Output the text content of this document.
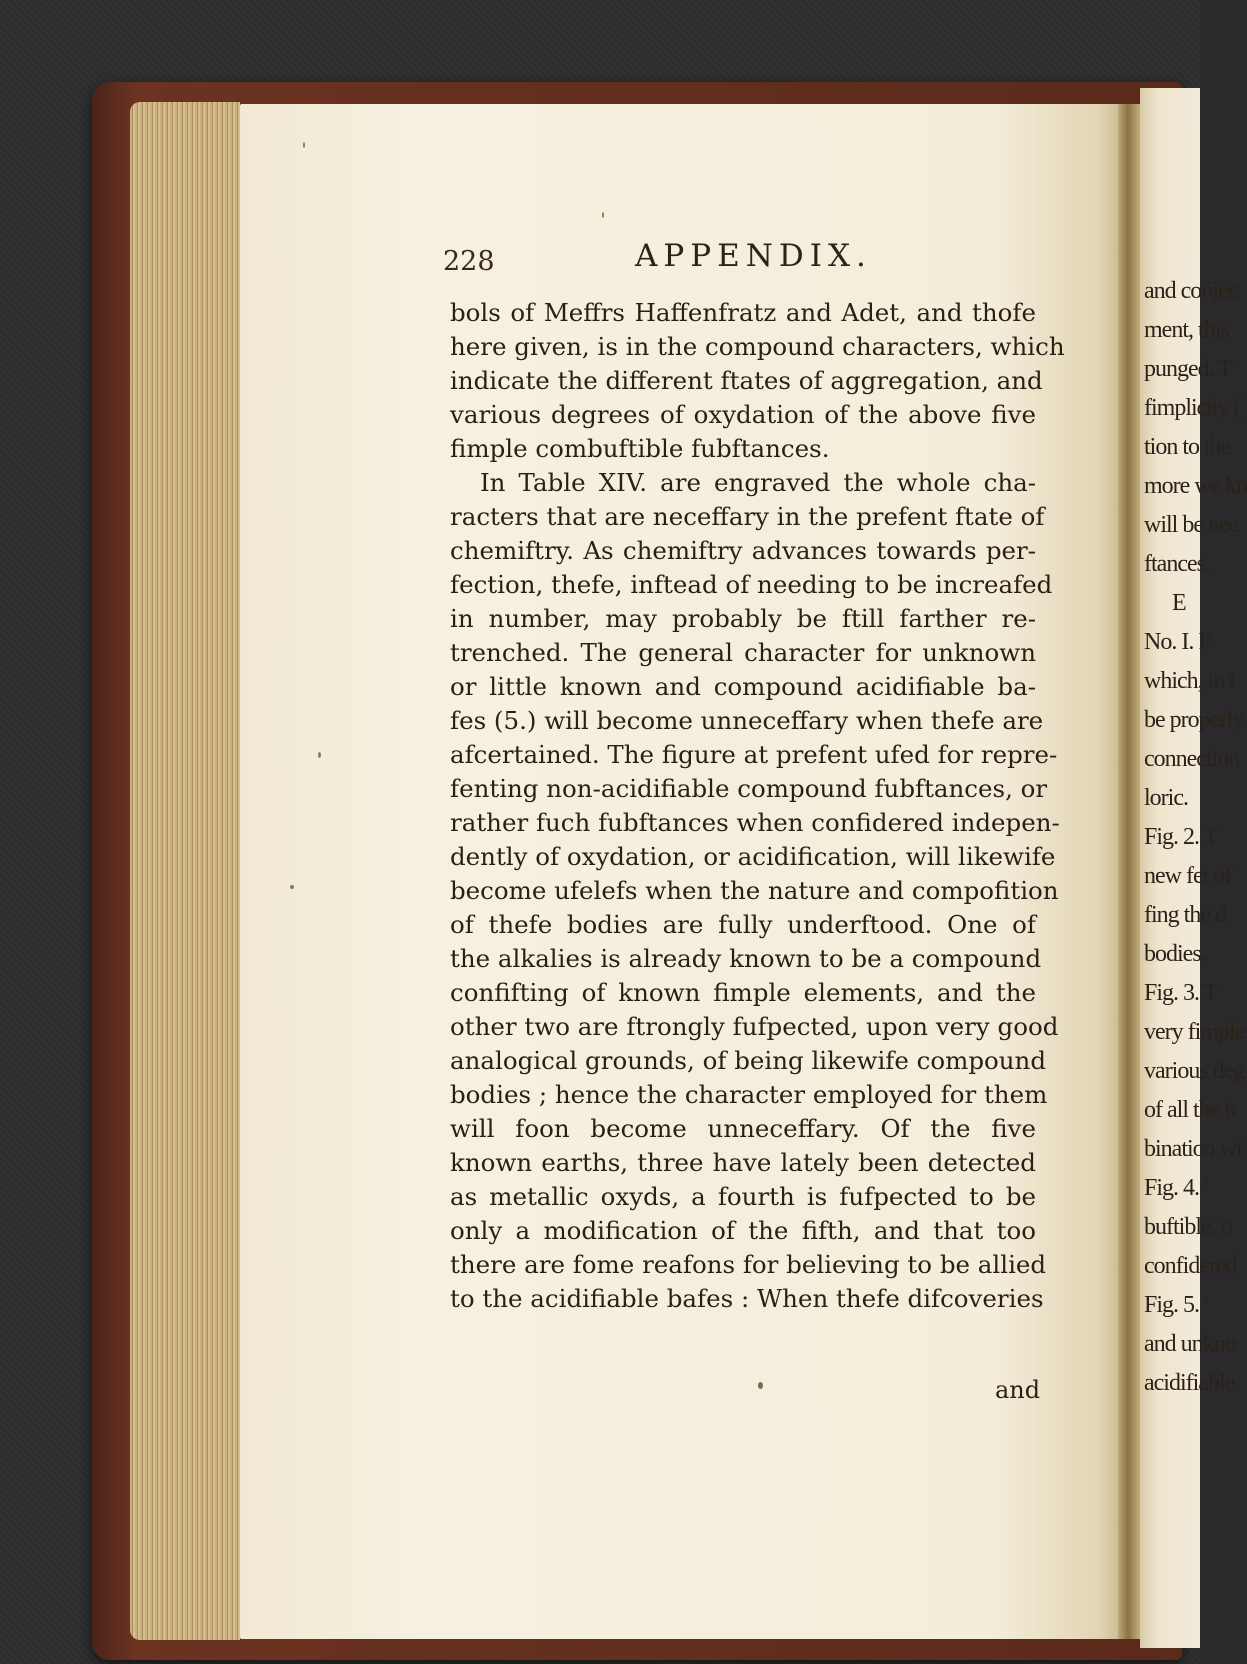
and conjec
ment, this
punged. T
fimplicity (
tion to the
more we kn
will be nee
ftances.
E
No. I. F
which, in t
be properly
connection
loric.
Fig. 2. T
new fet of
fing the d
bodies.
Fig. 3. T
very fimple
various deg
of all the b
bination wi
Fig. 4. '
buftible, o
confidered
Fig. 5. '
and unkno
acidifiable
228	APPENDIX.
bols of Meffrs Haffenfratz and Adet, and thofe
here given, is in the compound characters, which
indicate the different ftates of aggregation, and
various degrees of oxydation of the above five
fimple combuftible fubftances.
In Table XIV. are engraved the whole cha-
racters that are neceffary in the prefent ftate of
chemiftry. As chemiftry advances towards per-
fection, thefe, inftead of needing to be increafed
in number, may probably be ftill farther re-
trenched. The general character for unknown
or little known and compound acidifiable ba-
fes (5.) will become unneceffary when thefe are
afcertained. The figure at prefent ufed for repre-
fenting non-acidifiable compound fubftances, or
rather fuch fubftances when confidered indepen-
dently of oxydation, or acidification, will likewife
become ufelefs when the nature and compofition
of thefe bodies are fully underftood. One of
the alkalies is already known to be a compound
confifting of known fimple elements, and the
other two are ftrongly fufpected, upon very good
analogical grounds, of being likewife compound
bodies ; hence the character employed for them
will foon become unneceffary. Of the five
known earths, three have lately been detected
as metallic oxyds, a fourth is fufpected to be
only a modification of the fifth, and that too
there are fome reafons for believing to be allied
to the acidifiable bafes : When thefe difcoveries
and
